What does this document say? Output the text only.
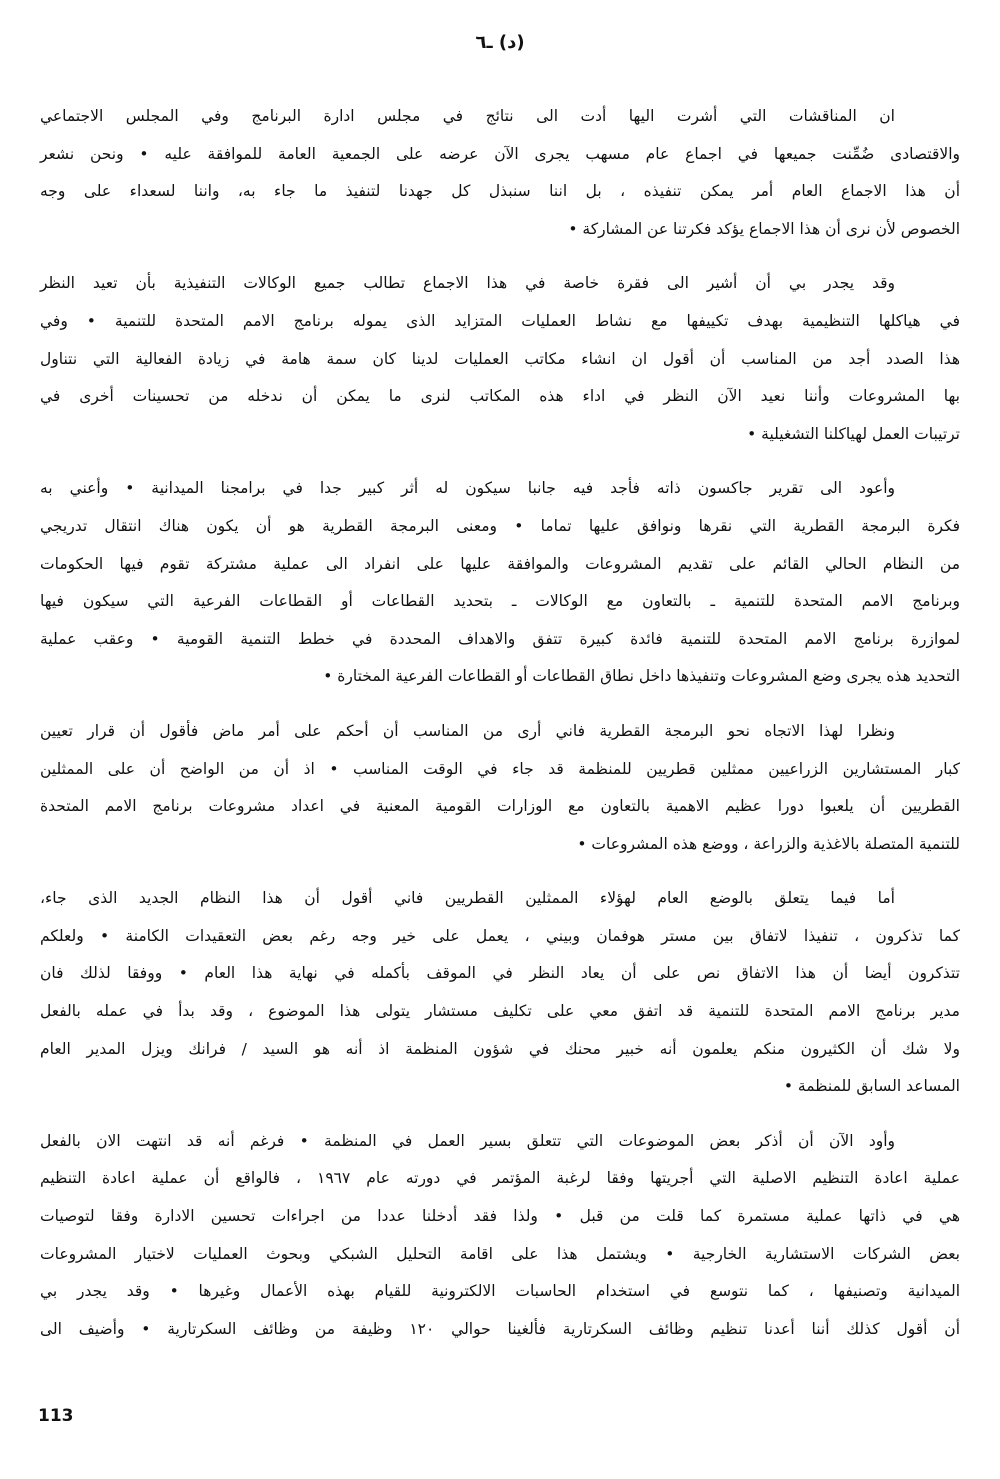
(د) ـ٦
ان المناقشات التي أشرت اليها أدت الى نتائج في مجلس ادارة البرنامج وفي المجلس الاجتماعي
والاقتصادى ضُمِّنت جميعها في اجماع عام مسهب يجرى الآن عرضه على الجمعية العامة للموافقة عليه • ونحن نشعر
أن هذا الاجماع العام أمر يمكن تنفيذه ، بل اننا سنبذل كل جهدنا لتنفيذ ما جاء به، واننا لسعداء على وجه
الخصوص لأن نرى أن هذا الاجماع يؤكد فكرتنا عن المشاركة •
وقد يجدر بي أن أشير الى فقرة خاصة في هذا الاجماع تطالب جميع الوكالات التنفيذية بأن تعيد النظر
في هياكلها التنظيمية بهدف تكييفها مع نشاط العمليات المتزايد الذى يموله برنامج الامم المتحدة للتنمية • وفي
هذا الصدد أجد من المناسب أن أقول ان انشاء مكاتب العمليات لدينا كان سمة هامة في زيادة الفعالية التي نتناول
بها المشروعات وأننا نعيد الآن النظر في اداء هذه المكاتب لنرى ما يمكن أن ندخله من تحسينات أخرى في
ترتيبات العمل لهياكلنا التشغيلية •
وأعود الى تقرير جاكسون ذاته فأجد فيه جانبا سيكون له أثر كبير جدا في برامجنا الميدانية • وأعني به
فكرة البرمجة القطرية التي نقرها ونوافق عليها تماما • ومعنى البرمجة القطرية هو أن يكون هناك انتقال تدريجي
من النظام الحالي القائم على تقديم المشروعات والموافقة عليها على انفراد الى عملية مشتركة تقوم فيها الحكومات
وبرنامج الامم المتحدة للتنمية ـ بالتعاون مع الوكالات ـ بتحديد القطاعات أو القطاعات الفرعية التي سيكون فيها
لموازرة برنامج الامم المتحدة للتنمية فائدة كبيرة تتفق والاهداف المحددة في خطط التنمية القومية • وعقب عملية
التحديد هذه يجرى وضع المشروعات وتنفيذها داخل نطاق القطاعات أو القطاعات الفرعية المختارة •
ونظرا لهذا الاتجاه نحو البرمجة القطرية فاني أرى من المناسب أن أحكم على أمر ماض فأقول أن قرار تعيين
كبار المستشارين الزراعيين ممثلين قطريين للمنظمة قد جاء في الوقت المناسب • اذ أن من الواضح أن على الممثلين
القطريين أن يلعبوا دورا عظيم الاهمية بالتعاون مع الوزارات القومية المعنية في اعداد مشروعات برنامج الامم المتحدة
للتنمية المتصلة بالاغذية والزراعة ، ووضع هذه المشروعات •
أما فيما يتعلق بالوضع العام لهؤلاء الممثلين القطريين فاني أقول أن هذا النظام الجديد الذى جاء،
كما تذكرون ، تنفيذا لاتفاق بين مستر هوفمان وبيني ، يعمل على خير وجه رغم بعض التعقيدات الكامنة • ولعلكم
تتذكرون أيضا أن هذا الاتفاق نص على أن يعاد النظر في الموقف بأكمله في نهاية هذا العام • ووفقا لذلك فان
مدير برنامج الامم المتحدة للتنمية قد اتفق معي على تكليف مستشار يتولى هذا الموضوع ، وقد بدأ في عمله بالفعل
ولا شك أن الكثيرون منكم يعلمون أنه خبير محنك في شؤون المنظمة اذ أنه هو السيد / فرانك ويزل المدير العام
المساعد السابق للمنظمة •
وأود الآن أن أذكر بعض الموضوعات التي تتعلق بسير العمل في المنظمة • فرغم أنه قد انتهت الان بالفعل
عملية اعادة التنظيم الاصلية التي أجريتها وفقا لرغبة المؤتمر في دورته عام ١٩٦٧ ، فالواقع أن عملية اعادة التنظيم
هي في ذاتها عملية مستمرة كما قلت من قبل • ولذا فقد أدخلنا عددا من اجراءات تحسين الادارة وفقا لتوصيات
بعض الشركات الاستشارية الخارجية • ويشتمل هذا على اقامة التحليل الشبكي وبحوث العمليات لاختيار المشروعات
الميدانية وتصنيفها ، كما نتوسع في استخدام الحاسبات الالكترونية للقيام بهذه الأعمال وغيرها • وقد يجدر بي
أن أقول كذلك أننا أعدنا تنظيم وظائف السكرتارية فألغينا حوالي ١٢٠ وظيفة من وظائف السكرتارية • وأضيف الى
113
